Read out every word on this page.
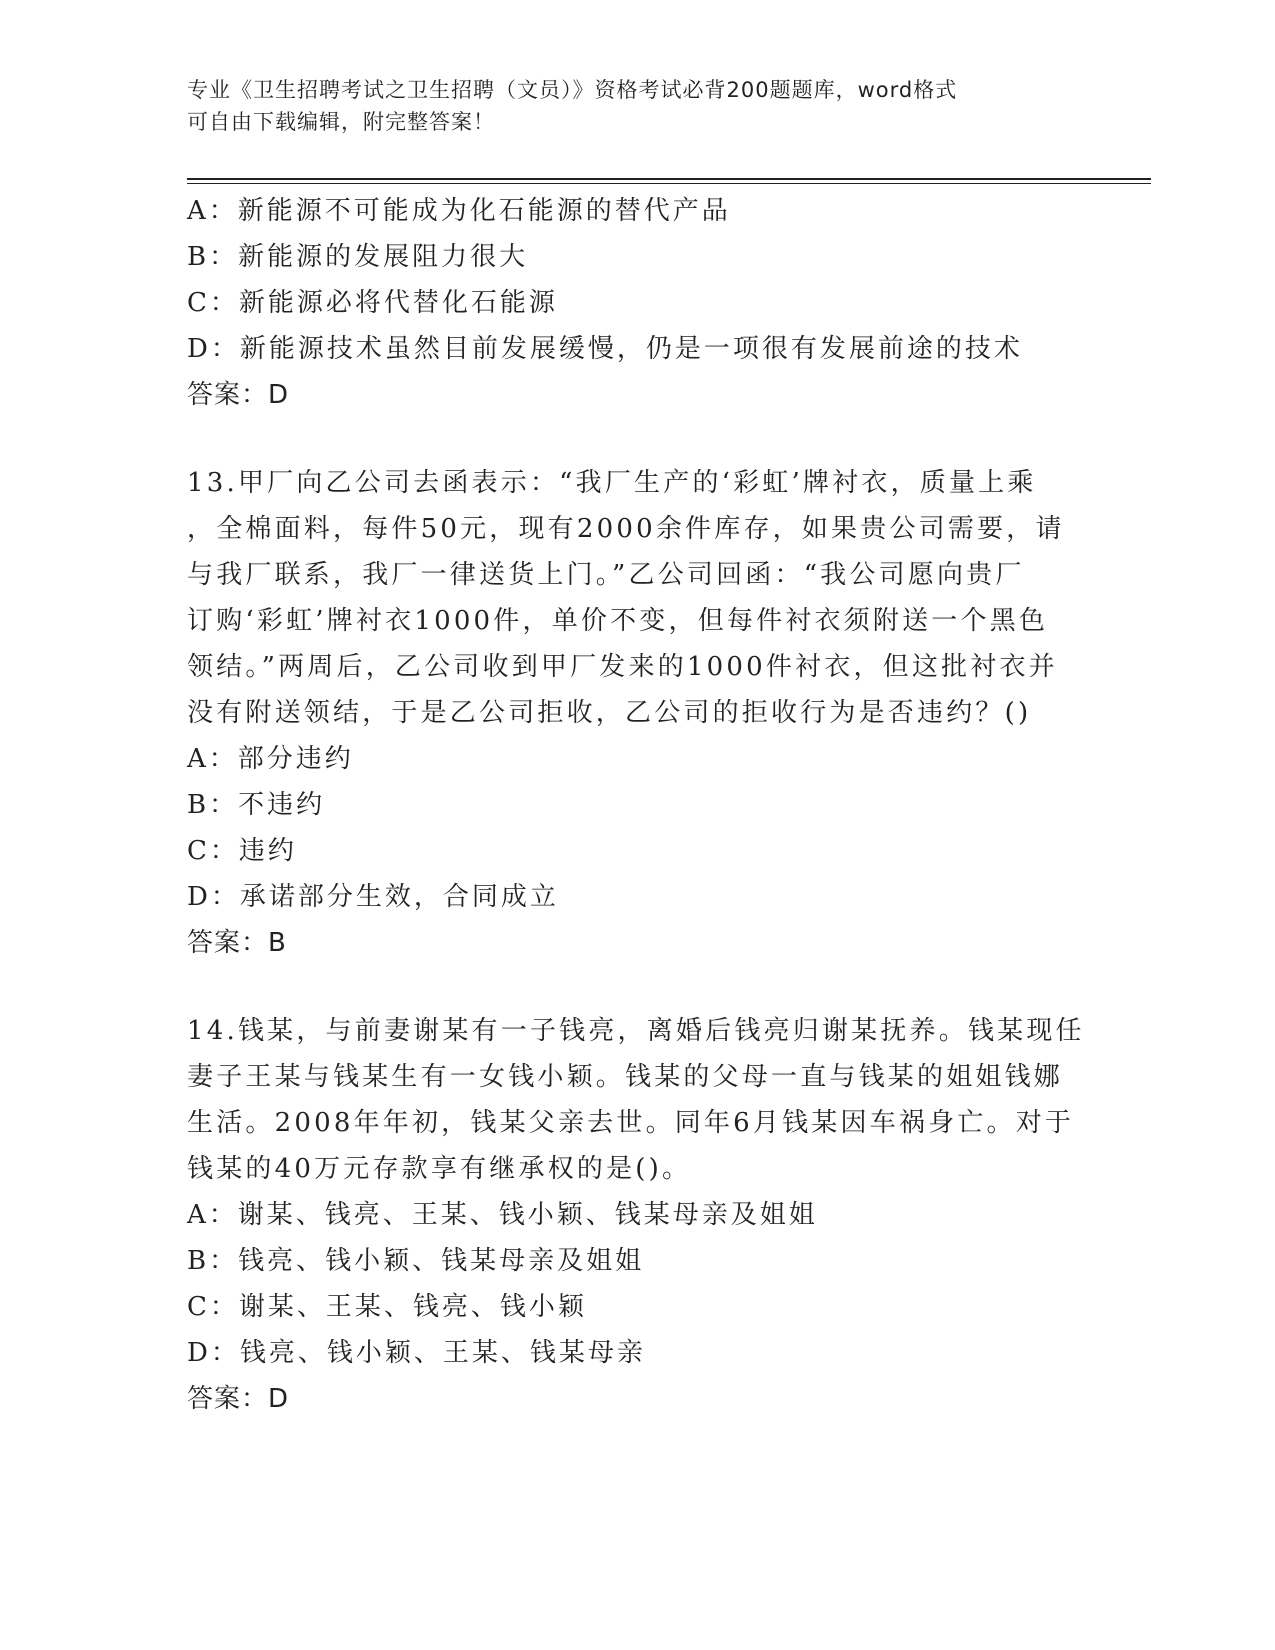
专业《卫生招聘考试之卫生招聘（文员）》资格考试必背200题题库，word格式
可自由下载编辑，附完整答案！
A：新能源不可能成为化石能源的替代产品
B：新能源的发展阻力很大
C：新能源必将代替化石能源
D：新能源技术虽然目前发展缓慢，仍是一项很有发展前途的技术
答案：D
13.甲厂向乙公司去函表示：“我厂生产的‘彩虹’牌衬衣，质量上乘
，全棉面料，每件50元，现有2000余件库存，如果贵公司需要，请
与我厂联系，我厂一律送货上门。”乙公司回函：“我公司愿向贵厂
订购‘彩虹’牌衬衣1000件，单价不变，但每件衬衣须附送一个黑色
领结。”两周后，乙公司收到甲厂发来的1000件衬衣，但这批衬衣并
没有附送领结，于是乙公司拒收，乙公司的拒收行为是否违约？()
A：部分违约
B：不违约
C：违约
D：承诺部分生效，合同成立
答案：B
14.钱某，与前妻谢某有一子钱亮，离婚后钱亮归谢某抚养。钱某现任
妻子王某与钱某生有一女钱小颖。钱某的父母一直与钱某的姐姐钱娜
生活。2008年年初，钱某父亲去世。同年6月钱某因车祸身亡。对于
钱某的40万元存款享有继承权的是()。
A：谢某、钱亮、王某、钱小颖、钱某母亲及姐姐
B：钱亮、钱小颖、钱某母亲及姐姐
C：谢某、王某、钱亮、钱小颖
D：钱亮、钱小颖、王某、钱某母亲
答案：D
